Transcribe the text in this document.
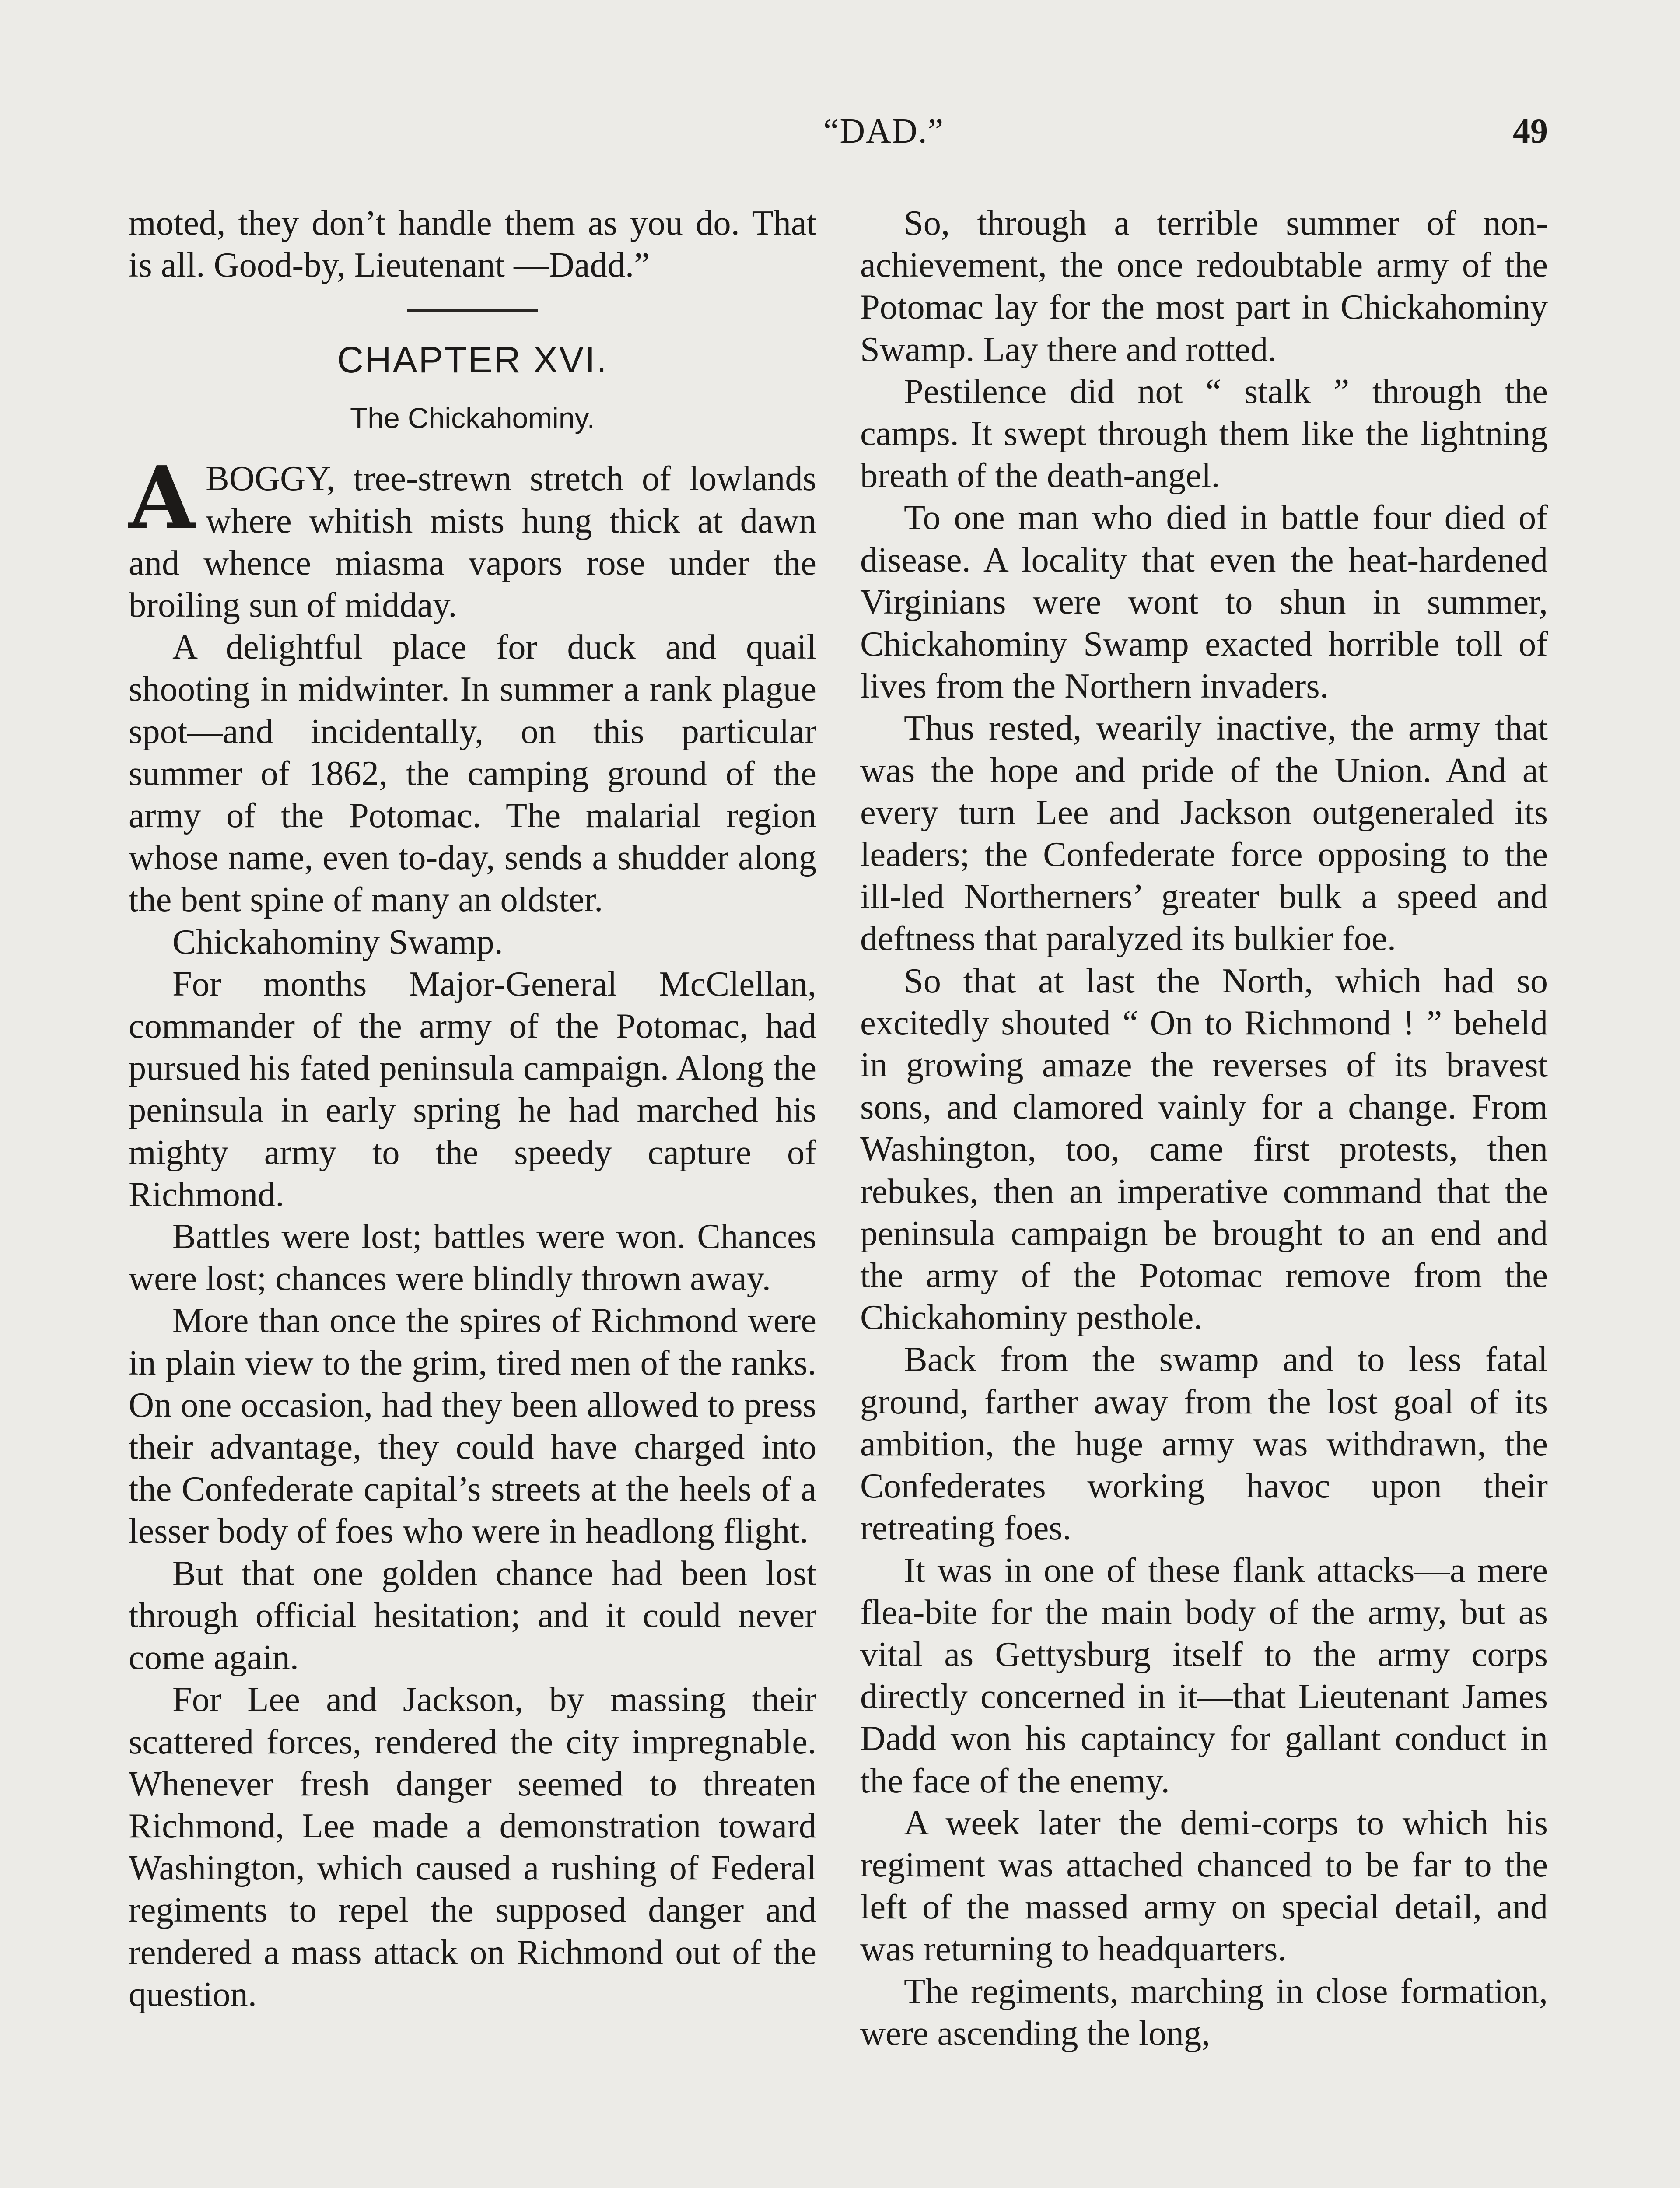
“DAD.”	49

moted, they don’t handle them as you do. That is all. Good-by, Lieutenant —Dadd.”

CHAPTER XVI.
The Chickahominy.

ABOGGY, tree-strewn stretch of lowlands where whitish mists hung thick at dawn and whence miasma vapors rose under the broiling sun of midday.

A delightful place for duck and quail shooting in midwinter. In summer a rank plague spot—and incidentally, on this particular summer of 1862, the camping ground of the army of the Potomac. The malarial region whose name, even to-day, sends a shudder along the bent spine of many an oldster.

Chickahominy Swamp.

For months Major-General McClellan, commander of the army of the Potomac, had pursued his fated peninsula campaign. Along the peninsula in early spring he had marched his mighty army to the speedy capture of Richmond.

Battles were lost; battles were won. Chances were lost; chances were blindly thrown away.

More than once the spires of Richmond were in plain view to the grim, tired men of the ranks. On one occasion, had they been allowed to press their advantage, they could have charged into the Confederate capital’s streets at the heels of a lesser body of foes who were in headlong flight.

But that one golden chance had been lost through official hesitation; and it could never come again.

For Lee and Jackson, by massing their scattered forces, rendered the city impregnable. Whenever fresh danger seemed to threaten Richmond, Lee made a demonstration toward Washington, which caused a rushing of Federal regiments to repel the supposed danger and rendered a mass attack on Richmond out of the question.

So, through a terrible summer of non-achievement, the once redoubtable army of the Potomac lay for the most part in Chickahominy Swamp. Lay there and rotted.

Pestilence did not “ stalk ” through the camps. It swept through them like the lightning breath of the death-angel.

To one man who died in battle four died of disease. A locality that even the heat-hardened Virginians were wont to shun in summer, Chickahominy Swamp exacted horrible toll of lives from the Northern invaders.

Thus rested, wearily inactive, the army that was the hope and pride of the Union. And at every turn Lee and Jackson outgeneraled its leaders; the Confederate force opposing to the ill-led Northerners’ greater bulk a speed and deftness that paralyzed its bulkier foe.

So that at last the North, which had so excitedly shouted “ On to Richmond ! ” beheld in growing amaze the reverses of its bravest sons, and clamored vainly for a change. From Washington, too, came first protests, then rebukes, then an imperative command that the peninsula campaign be brought to an end and the army of the Potomac remove from the Chickahominy pesthole.

Back from the swamp and to less fatal ground, farther away from the lost goal of its ambition, the huge army was withdrawn, the Confederates working havoc upon their retreating foes.

It was in one of these flank attacks—a mere flea-bite for the main body of the army, but as vital as Gettysburg itself to the army corps directly concerned in it—that Lieutenant James Dadd won his captaincy for gallant conduct in the face of the enemy.

A week later the demi-corps to which his regiment was attached chanced to be far to the left of the massed army on special detail, and was returning to headquarters.

The regiments, marching in close formation, were ascending the long,
